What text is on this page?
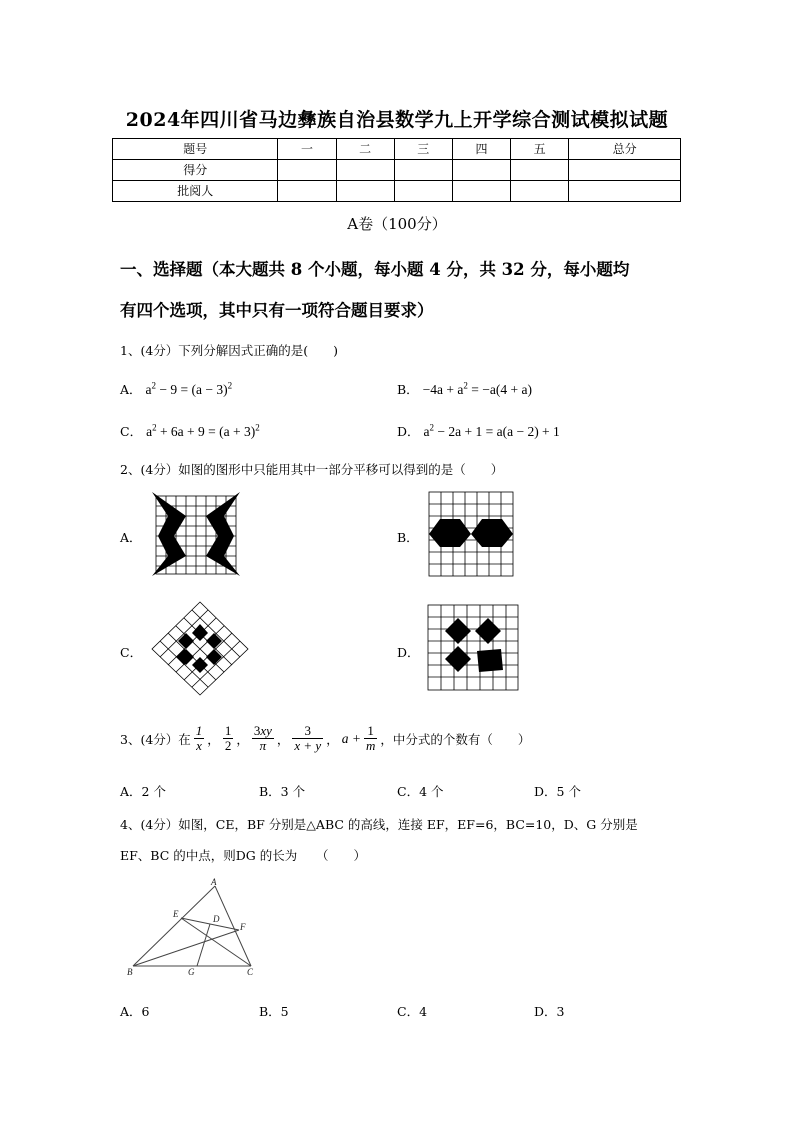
2024年四川省马边彝族自治县数学九上开学综合测试模拟试题
题号	一	二	三	四	五	总分
得分						
批阅人						
A卷（100分）
一、选择题（本大题共 8 个小题，每小题 4 分，共 32 分，每小题均
有四个选项，其中只有一项符合题目要求）
1、(4分）下列分解因式正确的是(　　)
A． $a^2 - 9 = (a - 3)^2$	B． $-4a + a^2 = -a(4 + a)$
C． $a^2 + 6a + 9 = (a + 3)^2$	D． $a^2 - 2a + 1 = a(a - 2) + 1$
2、(4分）如图的图形中只能用其中一部分平移可以得到的是（　　）
A．	B．
C．	D．
3、(4分）在 $\frac{1}{x}$ ， $\frac{1}{2}$ ， $\frac{3xy}{\pi}$ ， $\frac{3}{x + y}$ ， $a + \frac{1}{m}$ ，中分式的个数有（　　）
A．2 个	B．3 个	C．4 个	D．5 个
4、(4分）如图，CE，BF 分别是△ABC 的高线，连接 EF，EF=6，BC=10，D、G 分别是
EF、BC 的中点，则DG 的长为　　（　　）
A
E	D
F
B	G	C
A．6	B．5	C．4	D．3
